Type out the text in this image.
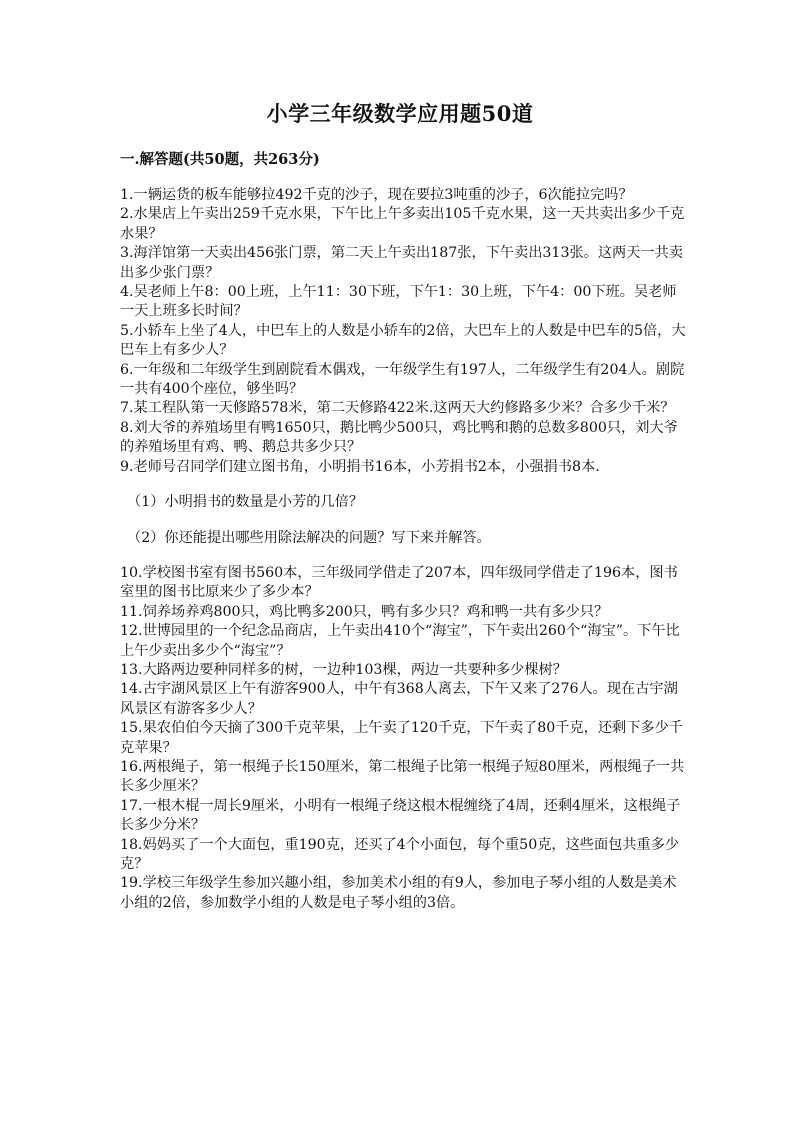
小学三年级数学应用题50道
一.解答题(共50题，共263分)

1.一辆运货的板车能够拉492千克的沙子，现在要拉3吨重的沙子，6次能拉完吗？

2.水果店上午卖出259千克水果，下午比上午多卖出105千克水果，这一天共卖出多少千克水果？

3.海洋馆第一天卖出456张门票，第二天上午卖出187张，下午卖出313张。这两天一共卖出多少张门票？

4.吴老师上午8：00上班，上午11：30下班，下午1：30上班，下午4：00下班。吴老师一天上班多长时间？

5.小轿车上坐了4人，中巴车上的人数是小轿车的2倍，大巴车上的人数是中巴车的5倍，大巴车上有多少人？

6.一年级和二年级学生到剧院看木偶戏，一年级学生有197人，二年级学生有204人。剧院一共有400个座位，够坐吗？

7.某工程队第一天修路578米，第二天修路422米.这两天大约修路多少米？合多少千米？

8.刘大爷的养殖场里有鸭1650只，鹅比鸭少500只，鸡比鸭和鹅的总数多800只，刘大爷的养殖场里有鸡、鸭、鹅总共多少只？

9.老师号召同学们建立图书角，小明捐书16本，小芳捐书2本，小强捐书8本.

（1）小明捐书的数量是小芳的几倍？

（2）你还能提出哪些用除法解决的问题？写下来并解答。

10.学校图书室有图书560本，三年级同学借走了207本，四年级同学借走了196本，图书室里的图书比原来少了多少本？

11.饲养场养鸡800只，鸡比鸭多200只，鸭有多少只？鸡和鸭一共有多少只？

12.世博园里的一个纪念品商店，上午卖出410个“海宝”，下午卖出260个“海宝”。下午比上午少卖出多少个“海宝”？

13.大路两边要种同样多的树，一边种103棵，两边一共要种多少棵树？

14.古宇湖风景区上午有游客900人，中午有368人离去，下午又来了276人。现在古宇湖风景区有游客多少人？

15.果农伯伯今天摘了300千克苹果，上午卖了120千克，下午卖了80千克，还剩下多少千克苹果？

16.两根绳子，第一根绳子长150厘米，第二根绳子比第一根绳子短80厘米，两根绳子一共长多少厘米？

17.一根木棍一周长9厘米，小明有一根绳子绕这根木棍缠绕了4周，还剩4厘米，这根绳子长多少分米？

18.妈妈买了一个大面包，重190克，还买了4个小面包，每个重50克，这些面包共重多少克？

19.学校三年级学生参加兴趣小组，参加美术小组的有9人，参加电子琴小组的人数是美术小组的2倍，参加数学小组的人数是电子琴小组的3倍。
